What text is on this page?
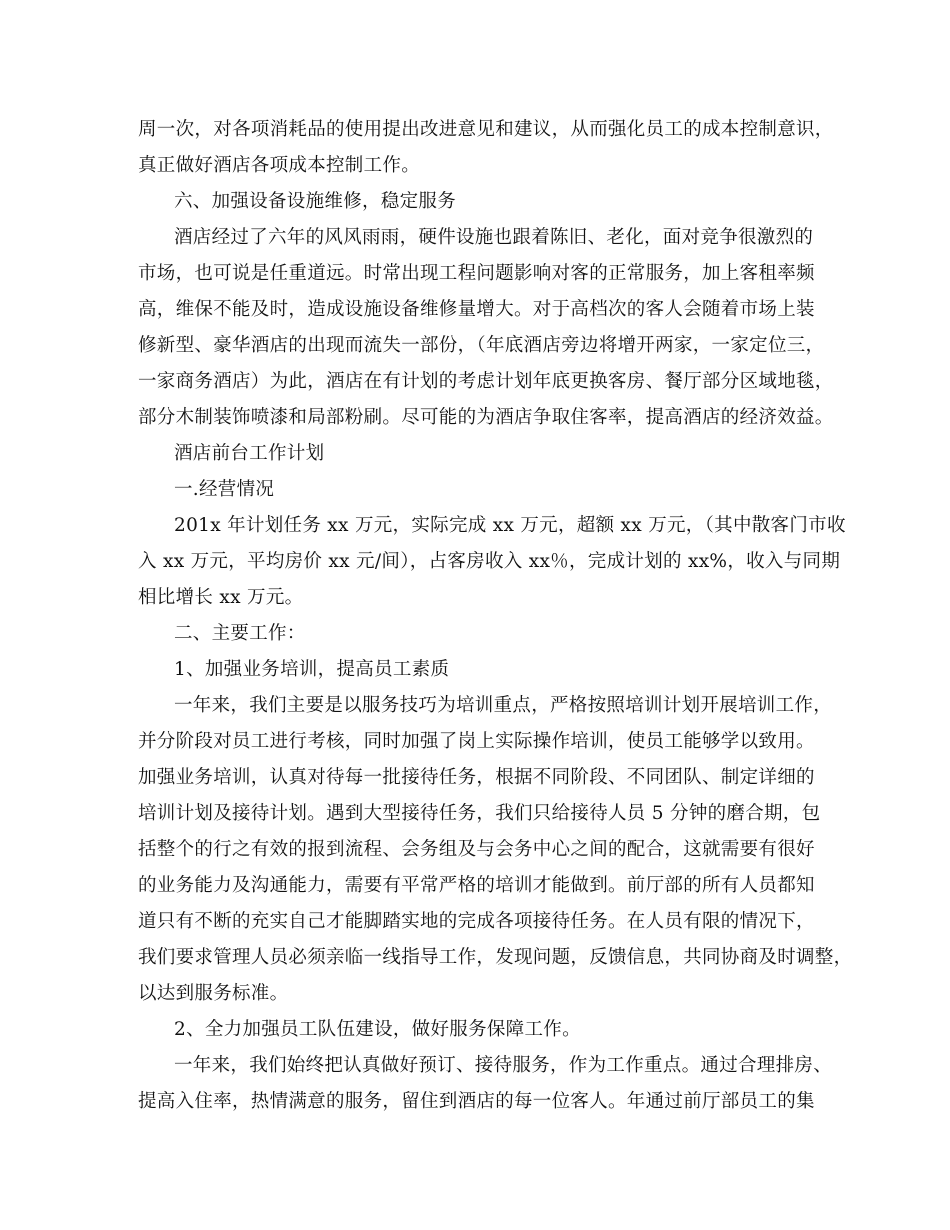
周一次，对各项消耗品的使用提出改进意见和建议，从而强化员工的成本控制意识，
真正做好酒店各项成本控制工作。
六、加强设备设施维修，稳定服务
酒店经过了六年的风风雨雨，硬件设施也跟着陈旧、老化，面对竞争很激烈的
市场，也可说是任重道远。时常出现工程问题影响对客的正常服务，加上客租率频
高，维保不能及时，造成设施设备维修量增大。对于高档次的客人会随着市场上装
修新型、豪华酒店的出现而流失一部份，（年底酒店旁边将增开两家，一家定位三，
一家商务酒店）为此，酒店在有计划的考虑计划年底更换客房、餐厅部分区域地毯，
部分木制装饰喷漆和局部粉刷。尽可能的为酒店争取住客率，提高酒店的经济效益。
酒店前台工作计划
一.经营情况
201x 年计划任务 xx 万元，实际完成 xx 万元，超额 xx 万元，（其中散客门市收
入 xx 万元，平均房价 xx 元/间），占客房收入 xx％，完成计划的 xx%，收入与同期
相比增长 xx 万元。
二、主要工作：
1、加强业务培训，提高员工素质
一年来，我们主要是以服务技巧为培训重点，严格按照培训计划开展培训工作，
并分阶段对员工进行考核，同时加强了岗上实际操作培训，使员工能够学以致用。
加强业务培训，认真对待每一批接待任务，根据不同阶段、不同团队、制定详细的
培训计划及接待计划。遇到大型接待任务，我们只给接待人员 5 分钟的磨合期，包
括整个的行之有效的报到流程、会务组及与会务中心之间的配合，这就需要有很好
的业务能力及沟通能力，需要有平常严格的培训才能做到。前厅部的所有人员都知
道只有不断的充实自己才能脚踏实地的完成各项接待任务。在人员有限的情况下，
我们要求管理人员必须亲临一线指导工作，发现问题，反馈信息，共同协商及时调整，
以达到服务标准。
2、全力加强员工队伍建设，做好服务保障工作。
一年来，我们始终把认真做好预订、接待服务，作为工作重点。通过合理排房、
提高入住率，热情满意的服务，留住到酒店的每一位客人。年通过前厅部员工的集
